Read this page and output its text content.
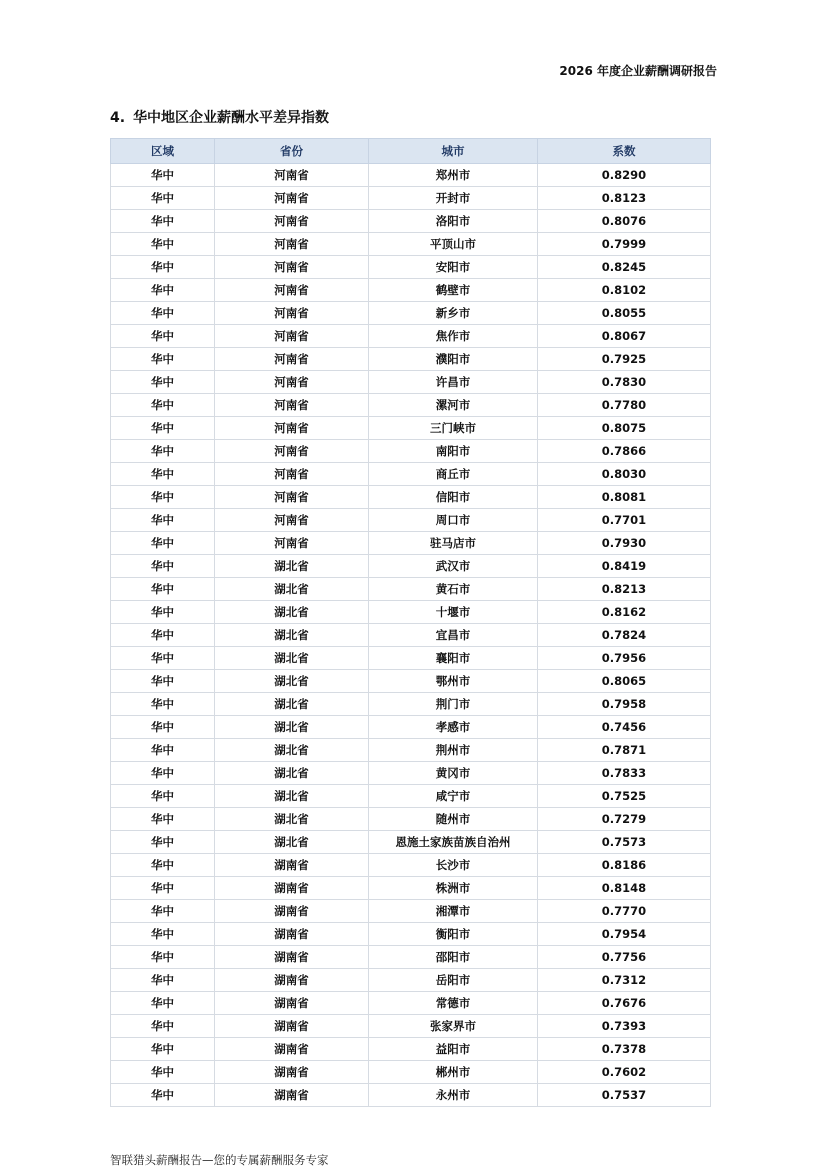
2026 年度企业薪酬调研报告
4. 华中地区企业薪酬水平差异指数
区域	省份	城市	系数
华中	河南省	郑州市	0.8290
华中	河南省	开封市	0.8123
华中	河南省	洛阳市	0.8076
华中	河南省	平顶山市	0.7999
华中	河南省	安阳市	0.8245
华中	河南省	鹤壁市	0.8102
华中	河南省	新乡市	0.8055
华中	河南省	焦作市	0.8067
华中	河南省	濮阳市	0.7925
华中	河南省	许昌市	0.7830
华中	河南省	漯河市	0.7780
华中	河南省	三门峡市	0.8075
华中	河南省	南阳市	0.7866
华中	河南省	商丘市	0.8030
华中	河南省	信阳市	0.8081
华中	河南省	周口市	0.7701
华中	河南省	驻马店市	0.7930
华中	湖北省	武汉市	0.8419
华中	湖北省	黄石市	0.8213
华中	湖北省	十堰市	0.8162
华中	湖北省	宜昌市	0.7824
华中	湖北省	襄阳市	0.7956
华中	湖北省	鄂州市	0.8065
华中	湖北省	荆门市	0.7958
华中	湖北省	孝感市	0.7456
华中	湖北省	荆州市	0.7871
华中	湖北省	黄冈市	0.7833
华中	湖北省	咸宁市	0.7525
华中	湖北省	随州市	0.7279
华中	湖北省	恩施土家族苗族自治州	0.7573
华中	湖南省	长沙市	0.8186
华中	湖南省	株洲市	0.8148
华中	湖南省	湘潭市	0.7770
华中	湖南省	衡阳市	0.7954
华中	湖南省	邵阳市	0.7756
华中	湖南省	岳阳市	0.7312
华中	湖南省	常德市	0.7676
华中	湖南省	张家界市	0.7393
华中	湖南省	益阳市	0.7378
华中	湖南省	郴州市	0.7602
华中	湖南省	永州市	0.7537
智联猎头薪酬报告—您的专属薪酬服务专家
